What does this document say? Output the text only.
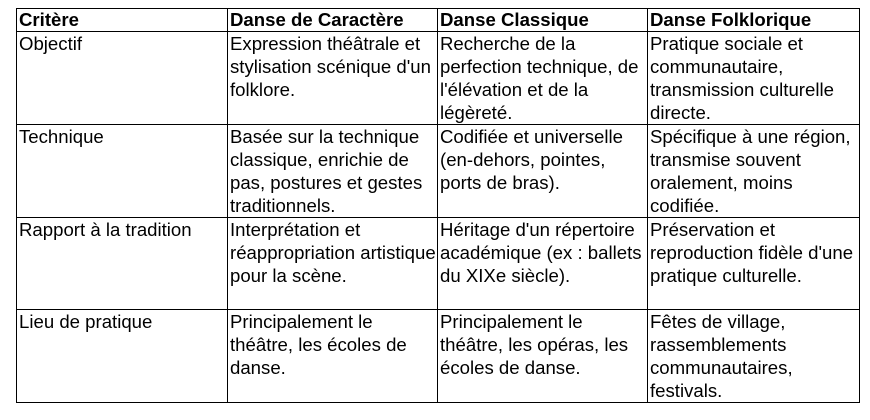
Critère	Danse de Caractère	Danse Classique	Danse Folklorique
Objectif	Expression théâtrale et stylisation scénique d'un folklore.	Recherche de la perfection technique, de l'élévation et de la légèreté.	Pratique sociale et communautaire, transmission culturelle directe.
Technique	Basée sur la technique classique, enrichie de pas, postures et gestes traditionnels.	Codifiée et universelle (en-dehors, pointes, ports de bras).	Spécifique à une région, transmise souvent oralement, moins codifiée.
Rapport à la tradition	Interprétation et réappropriation artistique pour la scène.	Héritage d'un répertoire académique (ex : ballets du XIXe siècle).	Préservation et reproduction fidèle d'une pratique culturelle.
Lieu de pratique	Principalement le théâtre, les écoles de danse.	Principalement le théâtre, les opéras, les écoles de danse.	Fêtes de village, rassemblements communautaires, festivals.
